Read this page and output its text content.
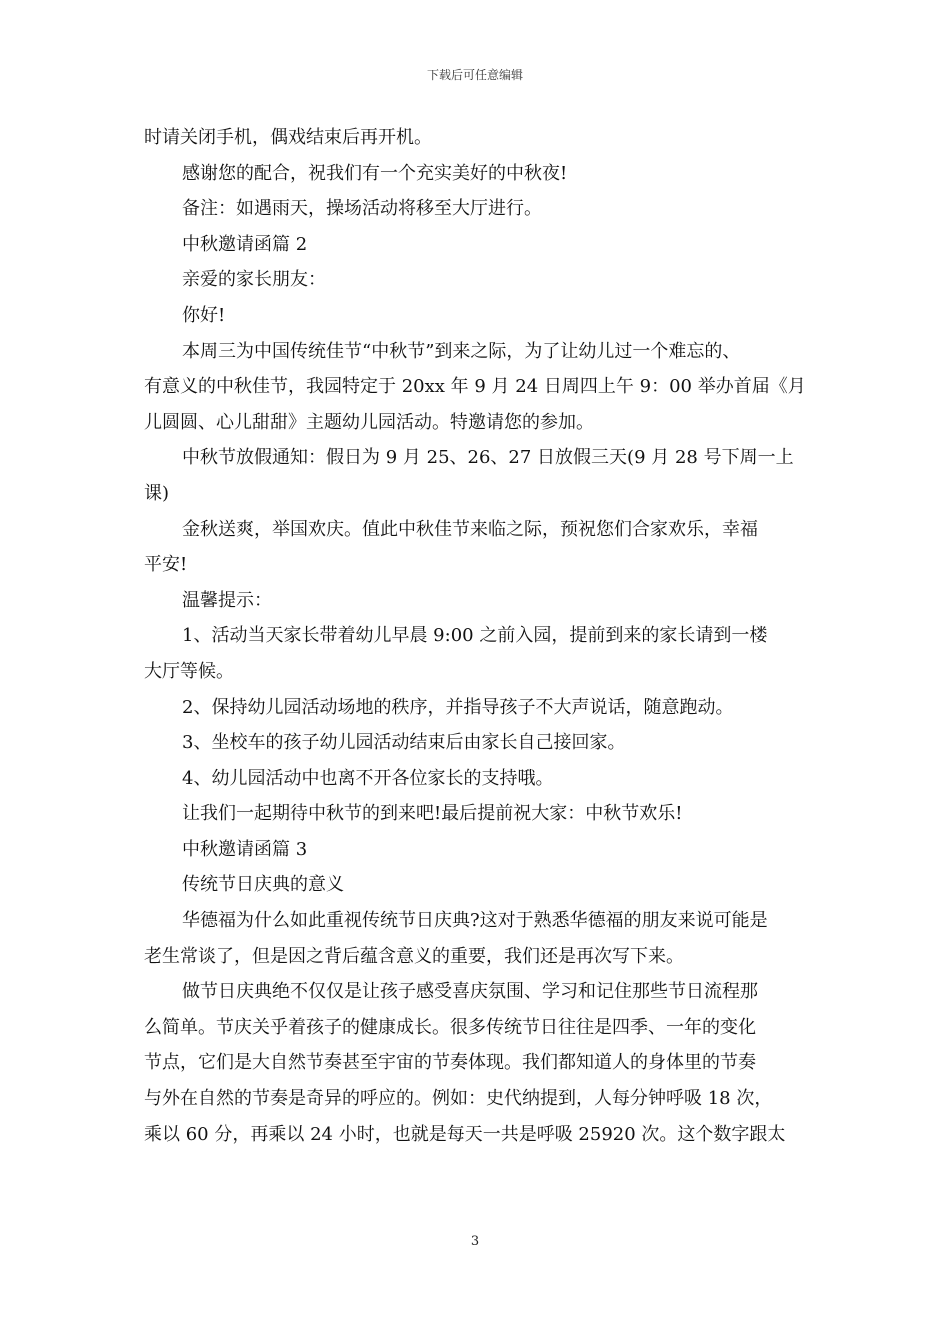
下载后可任意编辑

时请关闭手机，偶戏结束后再开机。

感谢您的配合，祝我们有一个充实美好的中秋夜!

备注：如遇雨天，操场活动将移至大厅进行。

中秋邀请函篇 2

亲爱的家长朋友：

你好!

本周三为中国传统佳节“中秋节”到来之际，为了让幼儿过一个难忘的、

有意义的中秋佳节，我园特定于 20xx 年 9 月 24 日周四上午 9：00 举办首届《月

儿圆圆、心儿甜甜》主题幼儿园活动。特邀请您的参加。

中秋节放假通知：假日为 9 月 25、26、27 日放假三天(9 月 28 号下周一上

课)

金秋送爽，举国欢庆。值此中秋佳节来临之际，预祝您们合家欢乐，幸福

平安!

温馨提示：

1、活动当天家长带着幼儿早晨 9:00 之前入园，提前到来的家长请到一楼

大厅等候。

2、保持幼儿园活动场地的秩序，并指导孩子不大声说话，随意跑动。

3、坐校车的孩子幼儿园活动结束后由家长自己接回家。

4、幼儿园活动中也离不开各位家长的支持哦。

让我们一起期待中秋节的到来吧!最后提前祝大家：中秋节欢乐!

中秋邀请函篇 3

传统节日庆典的意义

华德福为什么如此重视传统节日庆典?这对于熟悉华德福的朋友来说可能是

老生常谈了，但是因之背后蕴含意义的重要，我们还是再次写下来。

做节日庆典绝不仅仅是让孩子感受喜庆氛围、学习和记住那些节日流程那

么简单。节庆关乎着孩子的健康成长。很多传统节日往往是四季、一年的变化

节点，它们是大自然节奏甚至宇宙的节奏体现。我们都知道人的身体里的节奏

与外在自然的节奏是奇异的呼应的。例如：史代纳提到，人每分钟呼吸 18 次，

乘以 60 分，再乘以 24 小时，也就是每天一共是呼吸 25920 次。这个数字跟太

3
